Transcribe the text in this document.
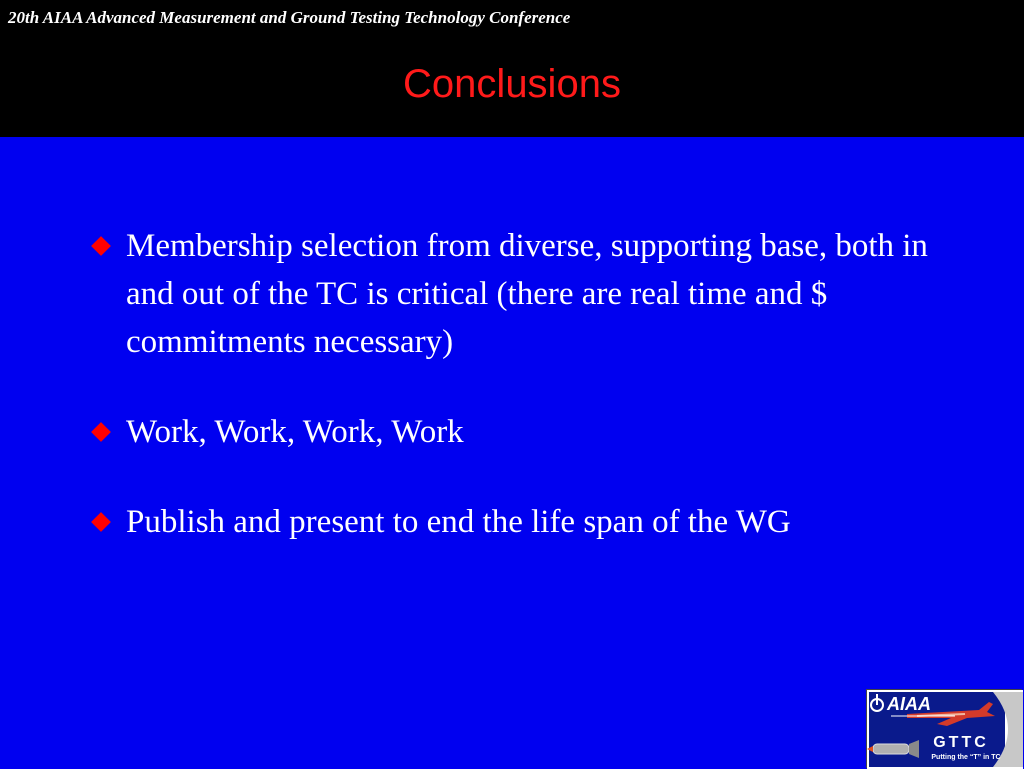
20th AIAA Advanced Measurement and Ground Testing Technology Conference
Conclusions
Membership selection from diverse, supporting base, both in and out of the TC is critical (there are real time and $ commitments necessary)
Work, Work, Work, Work
Publish and present to end the life span of the WG
AIAA
GTTC
Putting the “T” in TC
